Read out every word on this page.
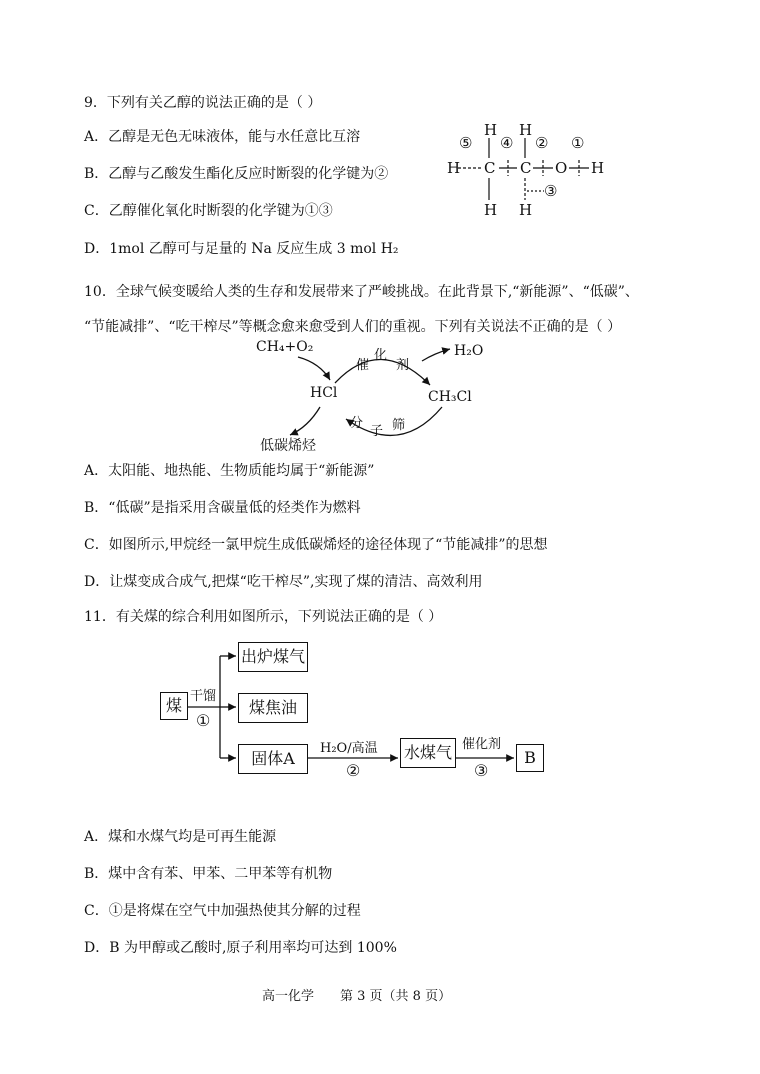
9．下列有关乙醇的说法正确的是（ ）
A．乙醇是无色无味液体，能与水任意比互溶
B．乙醇与乙酸发生酯化反应时断裂的化学键为②
C．乙醇催化氧化时断裂的化学键为①③
D．1mol 乙醇可与足量的 Na 反应生成 3 mol H₂
H H
H C C O H
H H
⑤ ④ ② ①
③
10．全球气候变暖给人类的生存和发展带来了严峻挑战。在此背景下,“新能源”、“低碳”、
“节能减排”、“吃干榨尽”等概念愈来愈受到人们的重视。下列有关说法不正确的是（ ）
CH₄+O₂	H₂O
HCl	CH₃Cl
低碳烯烃
催
化
剂
分
子 筛
A．太阳能、地热能、生物质能均属于“新能源”
B．“低碳”是指采用含碳量低的烃类作为燃料
C．如图所示,甲烷经一氯甲烷生成低碳烯烃的途径体现了“节能减排”的思想
D．让煤变成合成气,把煤“吃干榨尽”,实现了煤的清洁、高效利用
11．有关煤的综合利用如图所示，下列说法正确的是（ ）
煤
出炉煤气
煤焦油
固体A	水煤气	B
干馏
①
H₂O/高温
②
催化剂
③
A．煤和水煤气均是可再生能源
B．煤中含有苯、甲苯、二甲苯等有机物
C．①是将煤在空气中加强热使其分解的过程
D．B 为甲醇或乙酸时,原子利用率均可达到 100%
高一化学　　第 3 页（共 8 页）
